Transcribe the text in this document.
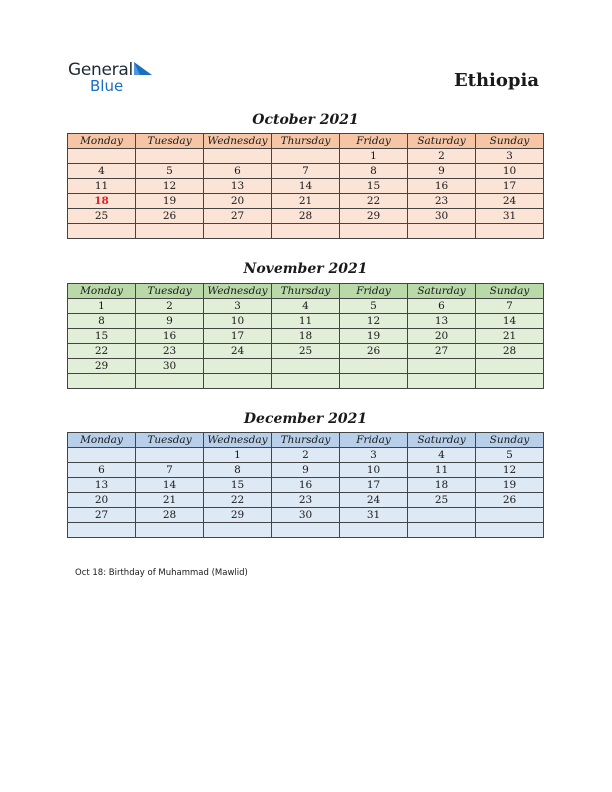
General
Blue	Ethiopia
October 2021
Monday	Tuesday	Wednesday	Thursday	Friday	Saturday	Sunday
				1	2	3
4	5	6	7	8	9	10
11	12	13	14	15	16	17
18	19	20	21	22	23	24
25	26	27	28	29	30	31

November 2021
Monday	Tuesday	Wednesday	Thursday	Friday	Saturday	Sunday
1	2	3	4	5	6	7
8	9	10	11	12	13	14
15	16	17	18	19	20	21
22	23	24	25	26	27	28
29	30					

December 2021
Monday	Tuesday	Wednesday	Thursday	Friday	Saturday	Sunday
		1	2	3	4	5
6	7	8	9	10	11	12
13	14	15	16	17	18	19
20	21	22	23	24	25	26
27	28	29	30	31		

Oct 18: Birthday of Muhammad (Mawlid)
